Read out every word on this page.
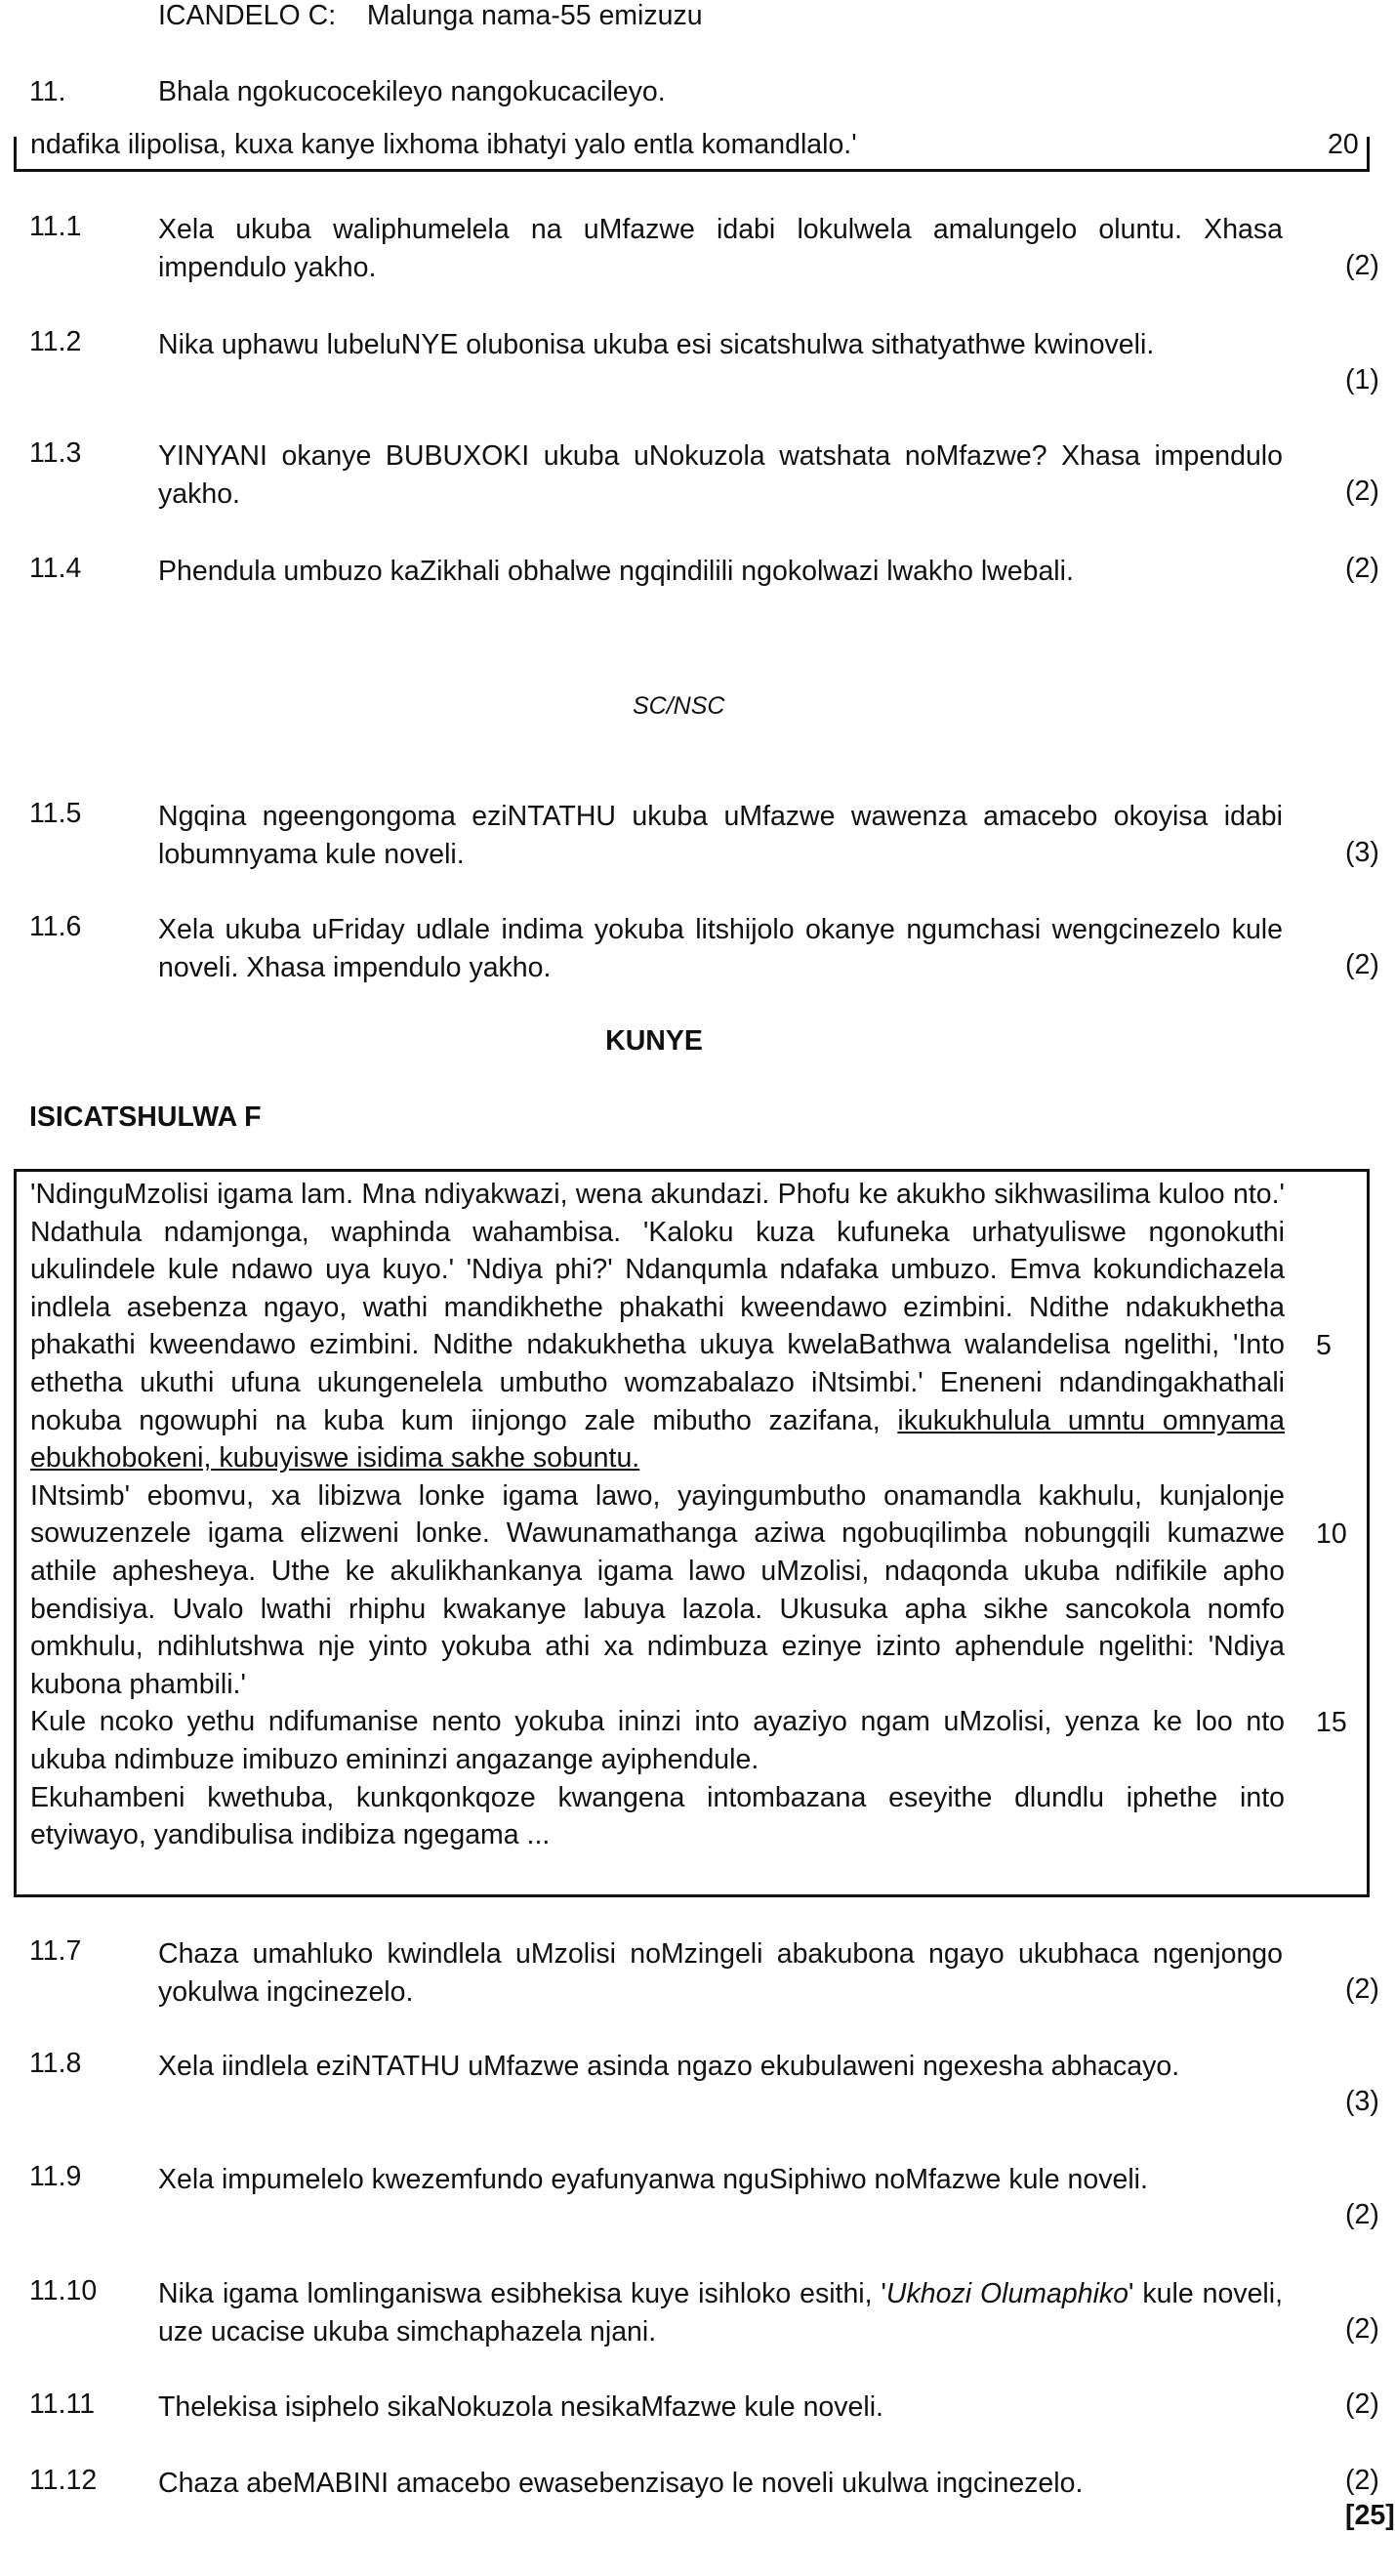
ICANDELO C: Malunga nama-55 emizuzu
11.	Bhala ngokucocekileyo nangokucacileyo.
ndafika ilipolisa, kuxa kanye lixhoma ibhatyi yalo entla komandlalo.'	20
11.1	Xela ukuba waliphumelela na uMfazwe idabi lokulwela amalungelo oluntu. Xhasa impendulo yakho.	(2)
11.2	Nika uphawu lubeluNYE olubonisa ukuba esi sicatshulwa sithatyathwe kwinoveli.
(1)
11.3	YINYANI okanye BUBUXOKI ukuba uNokuzola watshata noMfazwe? Xhasa impendulo yakho.	(2)
11.4	Phendula umbuzo kaZikhali obhalwe ngqindilili ngokolwazi lwakho lwebali.	(2)
SC/NSC
11.5	Ngqina ngeengongoma eziNTATHU ukuba uMfazwe wawenza amacebo okoyisa idabi lobumnyama kule noveli.	(3)
11.6	Xela ukuba uFriday udlale indima yokuba litshijolo okanye ngumchasi wengcinezelo kule noveli. Xhasa impendulo yakho.	(2)
KUNYE
ISICATSHULWA F

'NdinguMzolisi igama lam. Mna ndiyakwazi, wena akundazi. Phofu ke akukho sikhwasilima kuloo nto.' Ndathula ndamjonga, waphinda wahambisa. 'Kaloku kuza kufuneka urhatyuliswe ngonokuthi ukulindele kule ndawo uya kuyo.' 'Ndiya phi?' Ndanqumla ndafaka umbuzo. Emva kokundichazela indlela asebenza ngayo, wathi mandikhethe phakathi kweendawo ezimbini. Ndithe ndakukhetha phakathi kweendawo ezimbini. Ndithe ndakukhetha ukuya kwelaBathwa walandelisa ngelithi, 'Into ethetha ukuthi ufuna ukungenelela umbutho womzabalazo iNtsimbi.' Eneneni ndandingakhathali nokuba ngowuphi na kuba kum iinjongo zale mibutho zazifana, ikukukhulula umntu omnyama ebukhobokeni, kubuyiswe isidima sakhe sobuntu.

INtsimb' ebomvu, xa libizwa lonke igama lawo, yayingumbutho onamandla kakhulu, kunjalonje sowuzenzele igama elizweni lonke. Wawunamathanga aziwa ngobuqilimba nobungqili kumazwe athile aphesheya. Uthe ke akulikhankanya igama lawo uMzolisi, ndaqonda ukuba ndifikile apho bendisiya. Uvalo lwathi rhiphu kwakanye labuya lazola. Ukusuka apha sikhe sancokola nomfo omkhulu, ndihlutshwa nje yinto yokuba athi xa ndimbuza ezinye izinto aphendule ngelithi: 'Ndiya kubona phambili.'

Kule ncoko yethu ndifumanise nento yokuba ininzi into ayaziyo ngam uMzolisi, yenza ke loo nto ukuba ndimbuze imibuzo emininzi angazange ayiphendule.

Ekuhambeni kwethuba, kunkqonkqoze kwangena intombazana eseyithe dlundlu iphethe into etyiwayo, yandibulisa indibiza ngegama ...

5
10
15
11.7	Chaza umahluko kwindlela uMzolisi noMzingeli abakubona ngayo ukubhaca ngenjongo yokulwa ingcinezelo.	(2)
11.8	Xela iindlela eziNTATHU uMfazwe asinda ngazo ekubulaweni ngexesha abhacayo.
(3)
11.9	Xela impumelelo kwezemfundo eyafunyanwa nguSiphiwo noMfazwe kule noveli.
(2)
11.10 Nika igama lomlinganiswa esibhekisa kuye isihloko esithi, 'Ukhozi Olumaphiko' kule noveli, uze ucacise ukuba simchaphazela njani.	(2)
11.11 Thelekisa isiphelo sikaNokuzola nesikaMfazwe kule noveli.	(2)
11.12 Chaza abeMABINI amacebo ewasebenzisayo le noveli ukulwa ingcinezelo.	(2)
[25]
